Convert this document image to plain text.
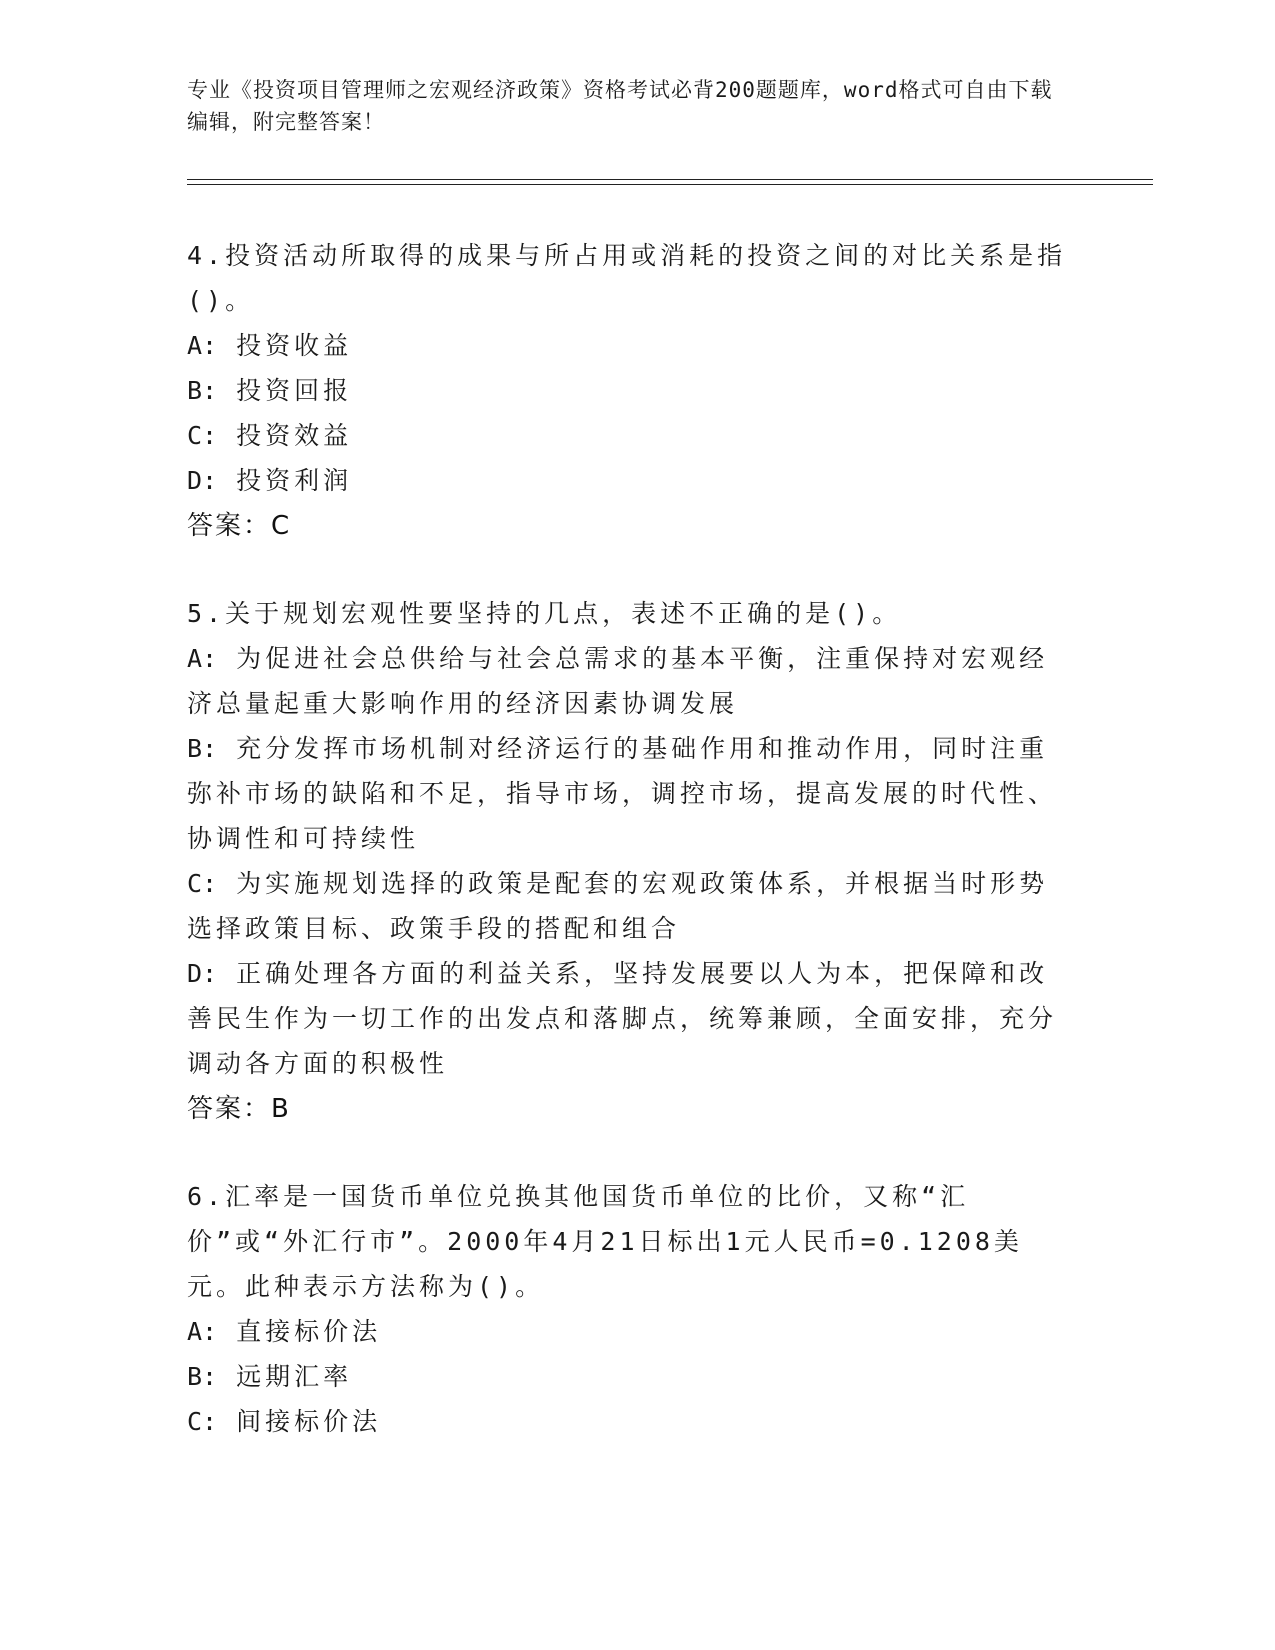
专业《投资项目管理师之宏观经济政策》资格考试必背200题题库，word格式可自由下载编辑，附完整答案！
4.投资活动所取得的成果与所占用或消耗的投资之间的对比关系是指()。
A: 投资收益
B: 投资回报
C: 投资效益
D: 投资利润
答案：C
5.关于规划宏观性要坚持的几点，表述不正确的是()。
A: 为促进社会总供给与社会总需求的基本平衡，注重保持对宏观经济总量起重大影响作用的经济因素协调发展
B: 充分发挥市场机制对经济运行的基础作用和推动作用，同时注重弥补市场的缺陷和不足，指导市场，调控市场，提高发展的时代性、协调性和可持续性
C: 为实施规划选择的政策是配套的宏观政策体系，并根据当时形势选择政策目标、政策手段的搭配和组合
D: 正确处理各方面的利益关系，坚持发展要以人为本，把保障和改善民生作为一切工作的出发点和落脚点，统筹兼顾，全面安排，充分调动各方面的积极性
答案：B
6.汇率是一国货币单位兑换其他国货币单位的比价，又称“汇价”或“外汇行市”。2000年4月21日标出1元人民币=0.1208美元。此种表示方法称为()。
A: 直接标价法
B: 远期汇率
C: 间接标价法
